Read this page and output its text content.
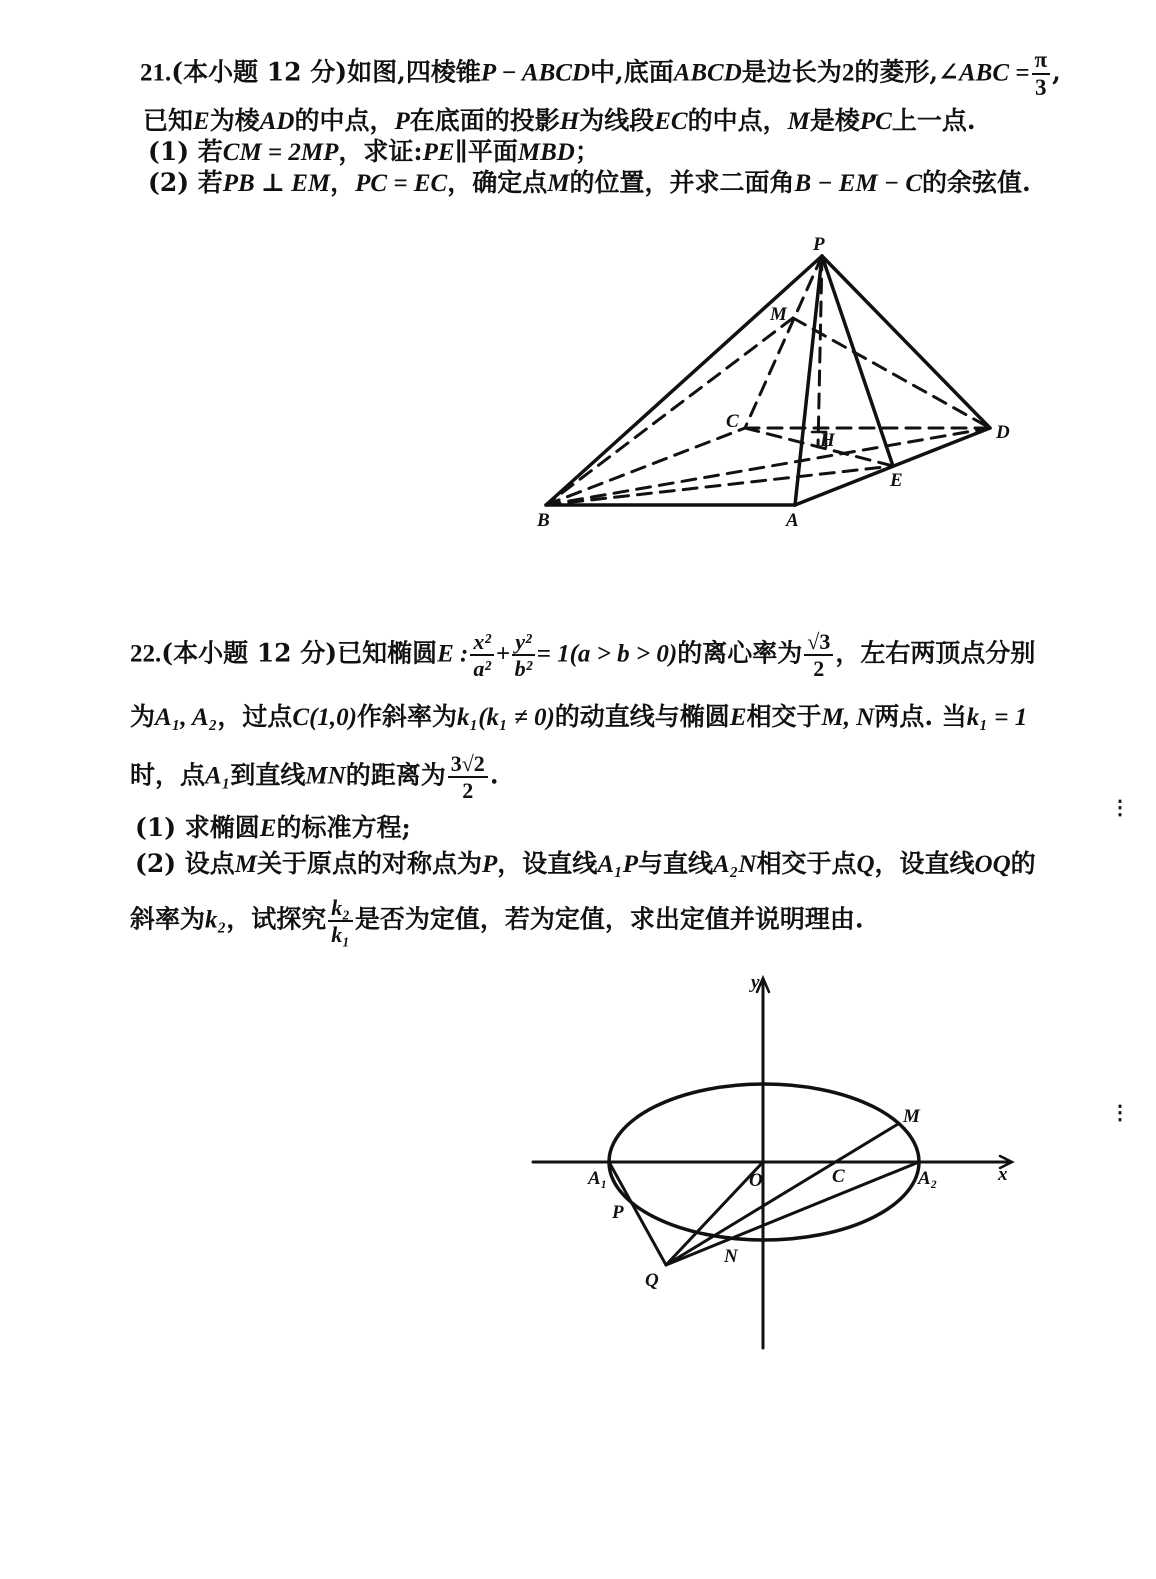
21.(本小题 12 分)如图,四棱锥P − ABCD中,底面ABCD是边长为2的菱形,∠ABC = $\frac{\pi}{3}$ ,
已知E为棱AD的中点，P在底面的投影H为线段EC的中点，M是棱PC上一点.
(1) 若CM = 2MP，求证:PE∥平面MBD；
(2) 若PB ⊥ EM，PC = EC，确定点M的位置，并求二面角B − EM − C的余弦值.
22.(本小题 12 分)已知椭圆E : $\frac{\text{x²}}{\text{a²}} + \frac{\text{y²}}{\text{b²}} = 1(a > b > 0)$的离心率为 $\frac{√3}{2}$ ，左右两顶点分别
为A₁, A₂，过点C(1,0)作斜率为k₁(k₁ ≠ 0)的动直线与椭圆E相交于M, N两点. 当k₁ = 1
时，点A₁到直线MN的距离为 $\frac{3√2}{2}$ .
(1) 求椭圆E的标准方程;
(2) 设点M关于原点的对称点为P，设直线A₁P与直线A₂N相交于点Q，设直线OQ的
斜率为k₂，试探究 $\frac{\text{k₂}}{\text{k₁}}$ 是否为定值，若为定值，求出定值并说明理由.
⋮
⋮
P
M
C
H	D
E
B	A
y
x
O
A₁	A₂
C
M
N
P
Q
